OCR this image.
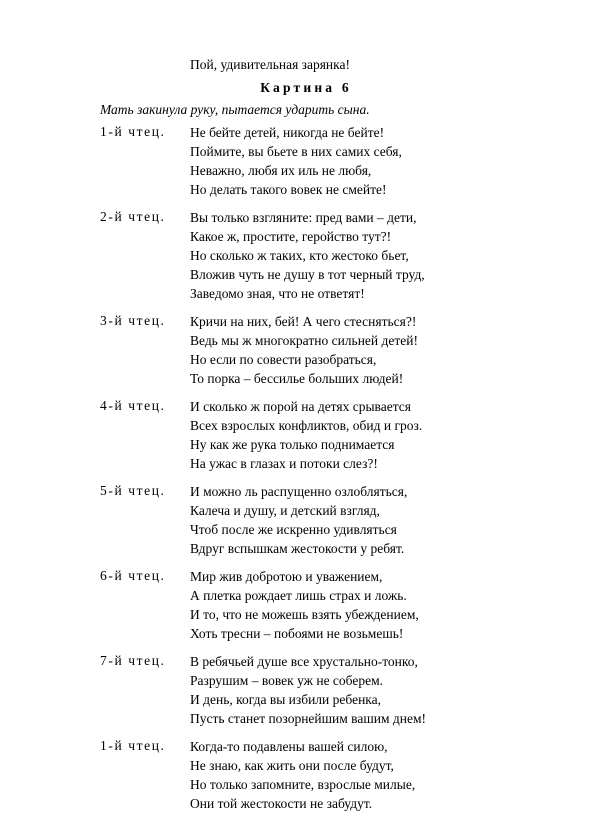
Пой, удивительная зарянка!
Картина 6
Мать закинула руку, пытается ударить сына.
1-й чтец. Не бейте детей, никогда не бейте!
Поймите, вы бьете в них самих себя,
Неважно, любя их иль не любя,
Но делать такого вовек не смейте!
2-й чтец. Вы только взгляните: пред вами – дети,
Какое ж, простите, геройство тут?!
Но сколько ж таких, кто жестоко бьет,
Вложив чуть не душу в тот черный труд,
Заведомо зная, что не ответят!
3-й чтец. Кричи на них, бей! А чего стесняться?!
Ведь мы ж многократно сильней детей!
Но если по совести разобраться,
То порка – бессилье больших людей!
4-й чтец. И сколько ж порой на детях срывается
Всех взрослых конфликтов, обид и гроз.
Ну как же рука только поднимается
На ужас в глазах и потоки слез?!
5-й чтец. И можно ль распущенно озлобляться,
Калеча и душу, и детский взгляд,
Чтоб после же искренно удивляться
Вдруг вспышкам жестокости у ребят.
6-й чтец. Мир жив добротою и уважением,
А плетка рождает лишь страх и ложь.
И то, что не можешь взять убеждением,
Хоть тресни – побоями не возьмешь!
7-й чтец. В ребячьей душе все хрустально-тонко,
Разрушим – вовек уж не соберем.
И день, когда вы избили ребенка,
Пусть станет позорнейшим вашим днем!
1-й чтец. Когда-то подавлены вашей силою,
Не знаю, как жить они после будут,
Но только запомните, взрослые милые,
Они той жестокости не забудут.
